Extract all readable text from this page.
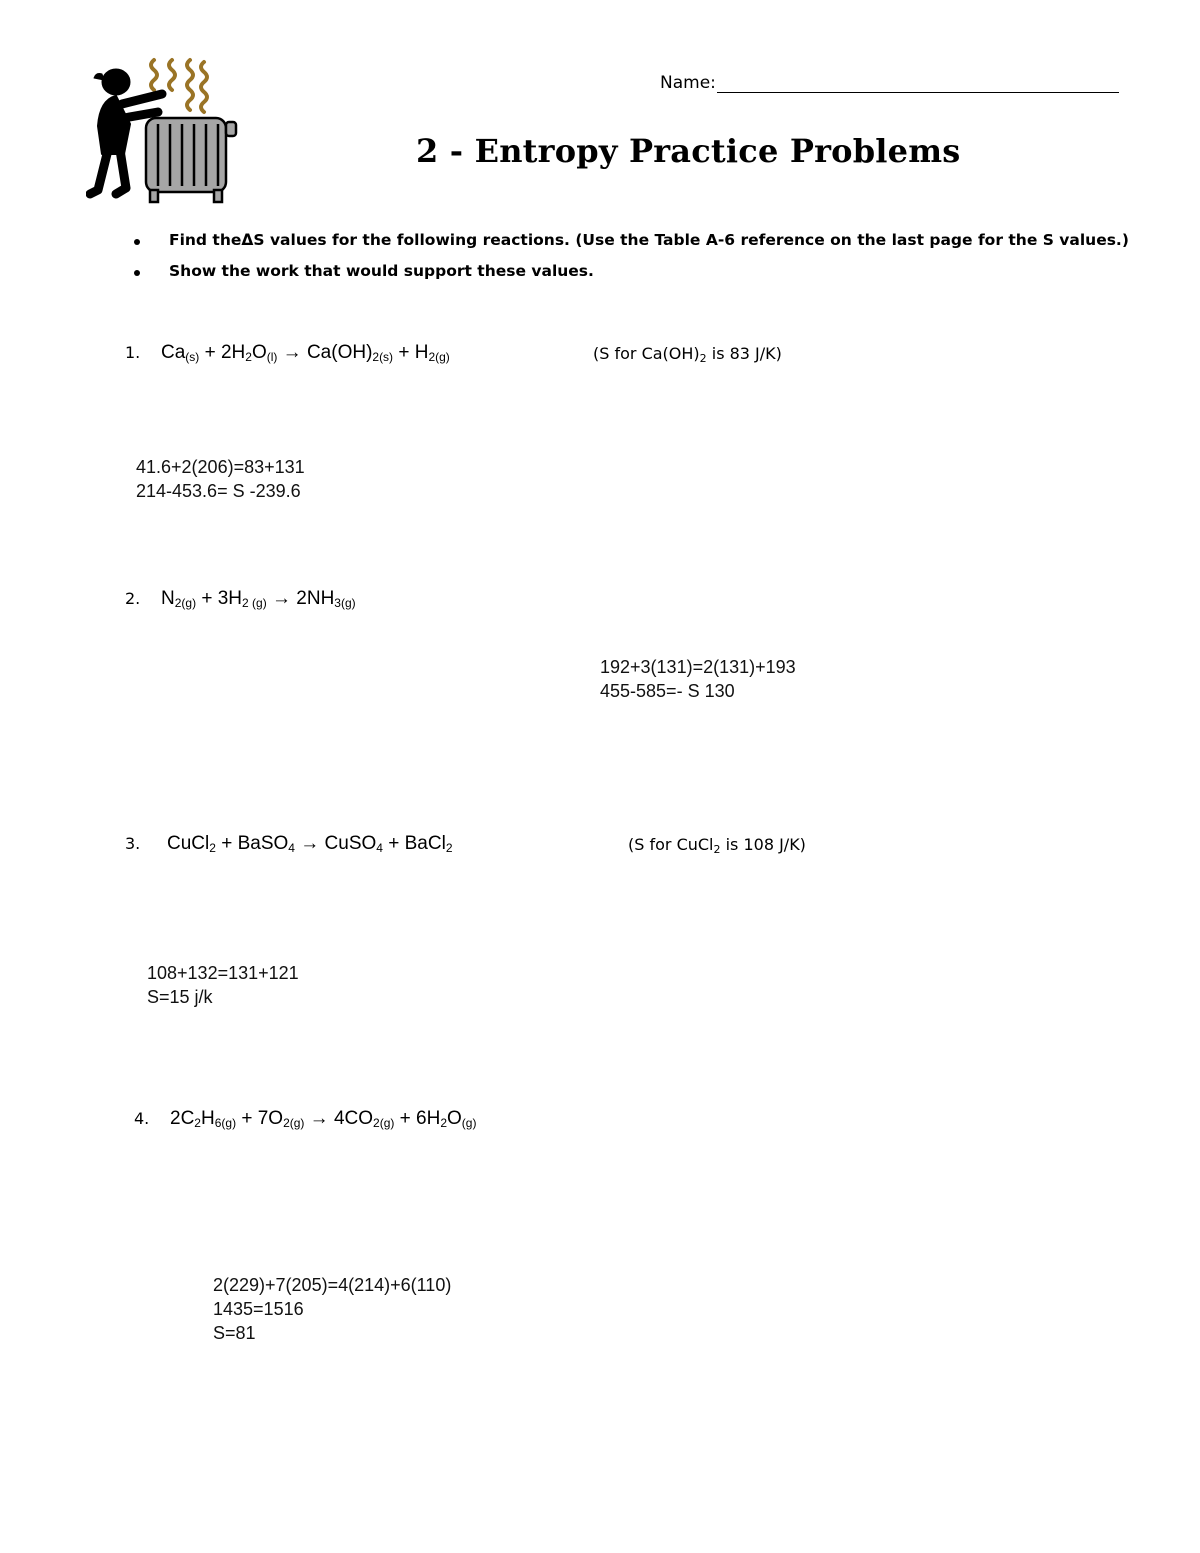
Name:
2 - Entropy Practice Problems
Find theΔS values for the following reactions. (Use the Table A-6 reference on the last page for the S values.)
Show the work that would support these values.
1. $Ca_{(s)} + 2H_2O_{(l)} \to Ca(OH)_{2(s)} + H_{2(g)}$	(S for $Ca(OH)_2$ is 83 J/K)
41.6+2(206)=83+131
214-453.6= S -239.6
2. $N_{2(g)} + 3H_{2 (g)} \to 2NH_{3(g)}$
192+3(131)=2(131)+193
455-585=- S 130
3. CuCl$_2$ + BaSO$_4$ → CuSO$_4$ + BaCl$_2$	(S for CuCl$_2$ is 108 J/K)
108+132=131+121
S=15 j/k
4. $2C_2H_{6(g)} + 7O_{2(g)} \to 4CO_{2(g)} + 6H_2O_{(g)}$
2(229)+7(205)=4(214)+6(110)
1435=1516
S=81
